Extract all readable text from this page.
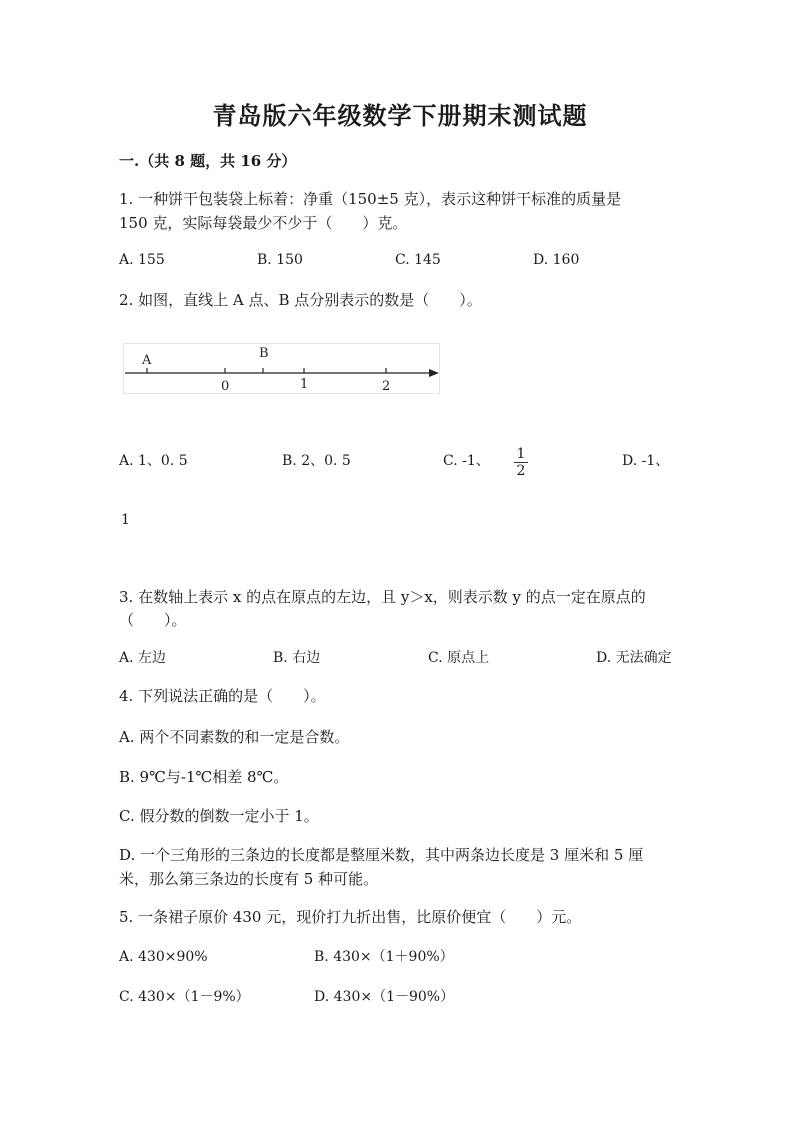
青岛版六年级数学下册期末测试题
一.（共 8 题，共 16 分）
1. 一种饼干包装袋上标着：净重（150±5 克），表示这种饼干标准的质量是
150 克，实际每袋最少不少于（　　）克。
A. 155	B. 150	C. 145	D. 160
2. 如图，直线上 A 点、B 点分别表示的数是（　　）。
A	B
0	1	2
A. 1、0. 5	B. 2、0. 5	C. -1、 1
2
D. -1、
1
3. 在数轴上表示 x 的点在原点的左边，且 y＞x，则表示数 y 的点一定在原点的
（　　）。
A. 左边	B. 右边	C. 原点上	D. 无法确定
4. 下列说法正确的是（　　）。
A. 两个不同素数的和一定是合数。
B. 9℃与-1℃相差 8℃。
C. 假分数的倒数一定小于 1。
D. 一个三角形的三条边的长度都是整厘米数，其中两条边长度是 3 厘米和 5 厘
米，那么第三条边的长度有 5 种可能。
5. 一条裙子原价 430 元，现价打九折出售，比原价便宜（　　）元。
A. 430×90%	B. 430×（1＋90%）
C. 430×（1－9%）	D. 430×（1－90%）
